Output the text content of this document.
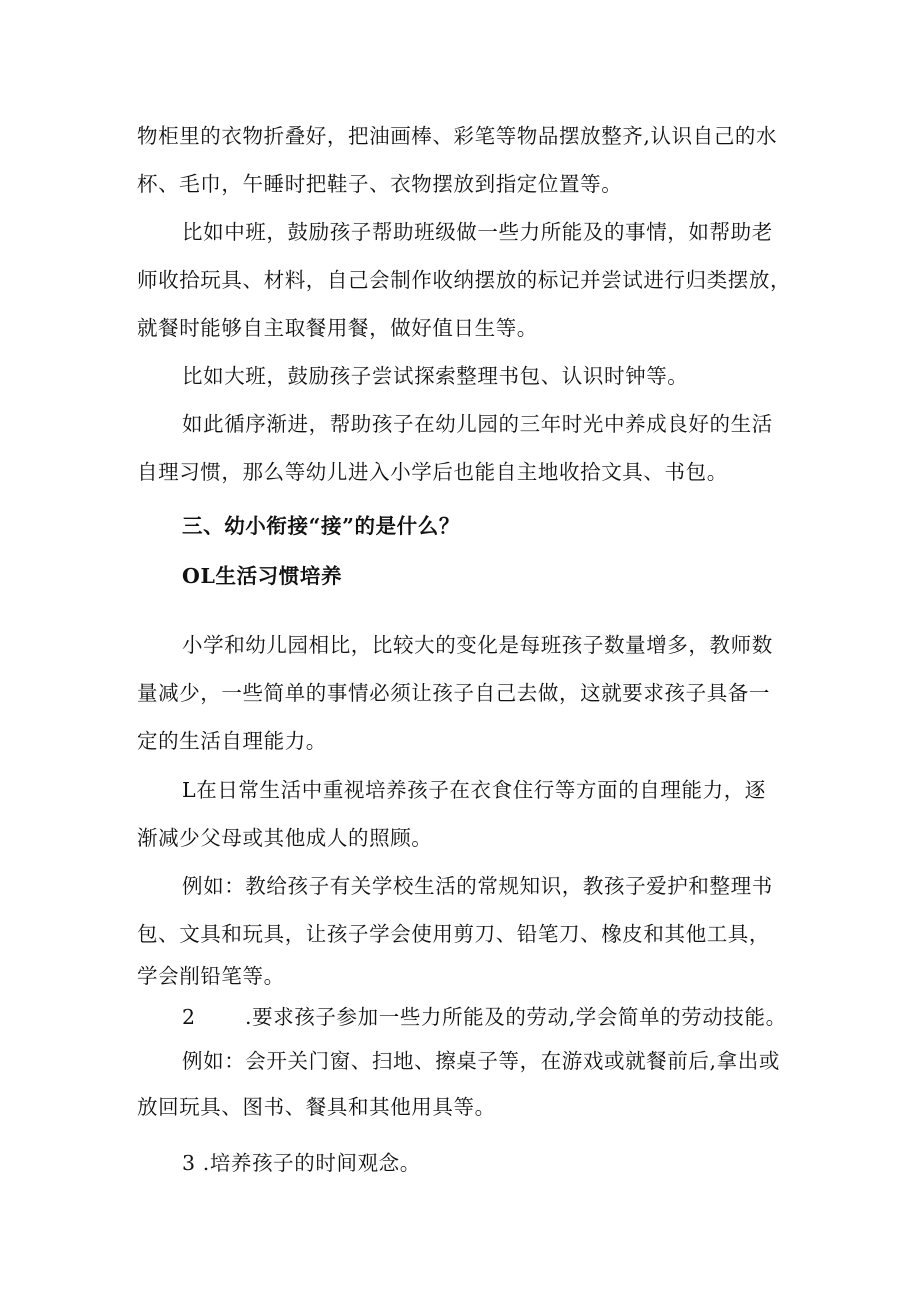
物柜里的衣物折叠好，把油画棒、彩笔等物品摆放整齐,认识自己的水
杯、毛巾，午睡时把鞋子、衣物摆放到指定位置等。
比如中班，鼓励孩子帮助班级做一些力所能及的事情，如帮助老
师收拾玩具、材料，自己会制作收纳摆放的标记并尝试进行归类摆放，
就餐时能够自主取餐用餐，做好值日生等。
比如大班，鼓励孩子尝试探索整理书包、认识时钟等。
如此循序渐进，帮助孩子在幼儿园的三年时光中养成良好的生活
自理习惯，那么等幼儿进入小学后也能自主地收拾文具、书包。
三、幼小衔接“接”的是什么？
OL生活习惯培养
小学和幼儿园相比，比较大的变化是每班孩子数量增多，教师数
量减少，一些简单的事情必须让孩子自己去做，这就要求孩子具备一
定的生活自理能力。
L在日常生活中重视培养孩子在衣食住行等方面的自理能力，逐
渐减少父母或其他成人的照顾。
例如：教给孩子有关学校生活的常规知识，教孩子爱护和整理书
包、文具和玩具，让孩子学会使用剪刀、铅笔刀、橡皮和其他工具，
学会削铅笔等。
2 .要求孩子参加一些力所能及的劳动,学会简单的劳动技能。
例如：会开关门窗、扫地、擦桌子等，在游戏或就餐前后,拿出或
放回玩具、图书、餐具和其他用具等。
3 .培养孩子的时间观念。
